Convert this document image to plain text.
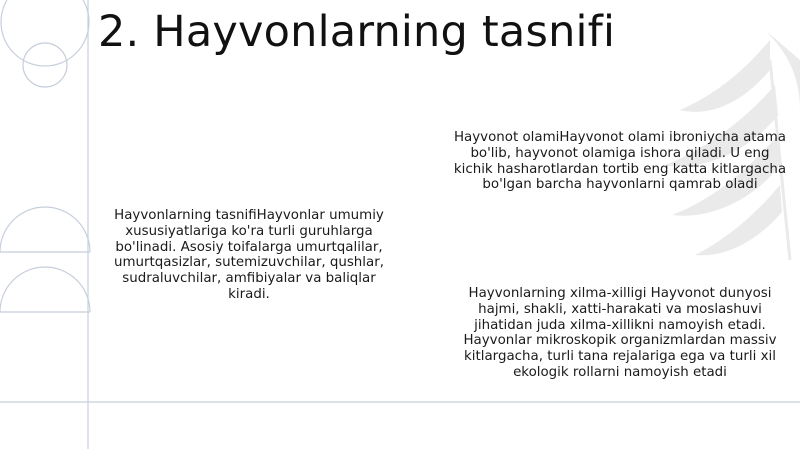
2. Hayvonlarning tasnifi

Hayvonlarning tasnifiHayvonlar umumiy xususiyatlariga ko'ra turli guruhlarga bo'linadi. Asosiy toifalarga umurtqalilar, umurtqasizlar, sutemizuvchilar, qushlar, sudraluvchilar, amfibiyalar va baliqlar kiradi.

Hayvonot olamiHayvonot olami ibroniycha atama bo'lib, hayvonot olamiga ishora qiladi. U eng kichik hasharotlardan tortib eng katta kitlargacha bo'lgan barcha hayvonlarni qamrab oladi

Hayvonlarning xilma-xilligi Hayvonot dunyosi hajmi, shakli, xatti-harakati va moslashuvi jihatidan juda xilma-xillikni namoyish etadi. Hayvonlar mikroskopik organizmlardan massiv kitlargacha, turli tana rejalariga ega va turli xil ekologik rollarni namoyish etadi
